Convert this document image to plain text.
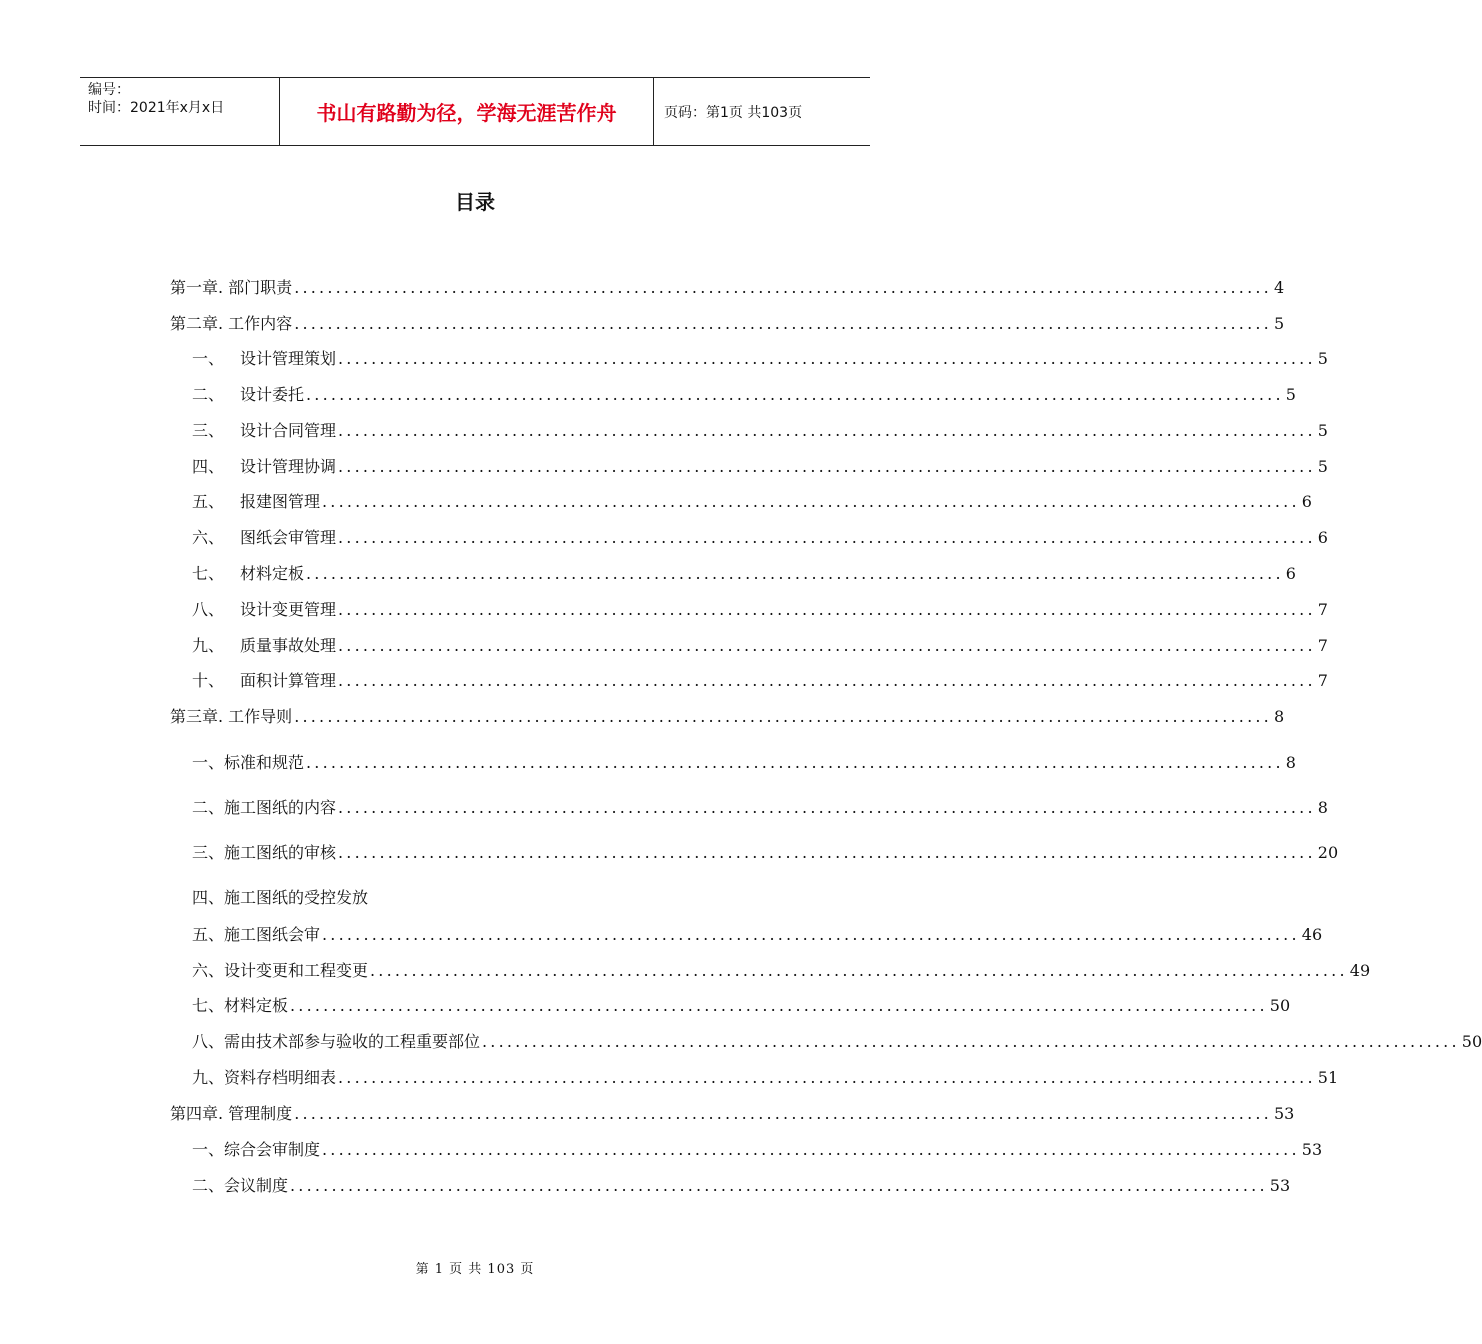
编号：
时间：2021年x月x日	书山有路勤为径，学海无涯苦作舟	页码：第1页 共103页
目录
第一章. 部门职责 ...................................................................................................................... 4
第二章. 工作内容 ...................................................................................................................... 5
一、 设计管理策划 ...................................................................................................................... 5
二、 设计委托 ...................................................................................................................... 5
三、 设计合同管理 ...................................................................................................................... 5
四、 设计管理协调 ...................................................................................................................... 5
五、 报建图管理 ...................................................................................................................... 6
六、 图纸会审管理 ...................................................................................................................... 6
七、 材料定板 ...................................................................................................................... 6
八、 设计变更管理 ...................................................................................................................... 7
九、 质量事故处理 ...................................................................................................................... 7
十、 面积计算管理 ...................................................................................................................... 7
第三章. 工作导则 ...................................................................................................................... 8
一、标准和规范 ...................................................................................................................... 8
二、施工图纸的内容 ...................................................................................................................... 8
三、施工图纸的审核 ...................................................................................................................... 20
四、施工图纸的受控发放
五、施工图纸会审 ...................................................................................................................... 46
六、设计变更和工程变更 ...................................................................................................................... 49
七、材料定板 ...................................................................................................................... 50
八、需由技术部参与验收的工程重要部位 ...................................................................................................................... 50
九、资料存档明细表 ...................................................................................................................... 51
第四章. 管理制度 ...................................................................................................................... 53
一、综合会审制度 ...................................................................................................................... 53
二、会议制度 ...................................................................................................................... 53
第 1 页 共 103 页
